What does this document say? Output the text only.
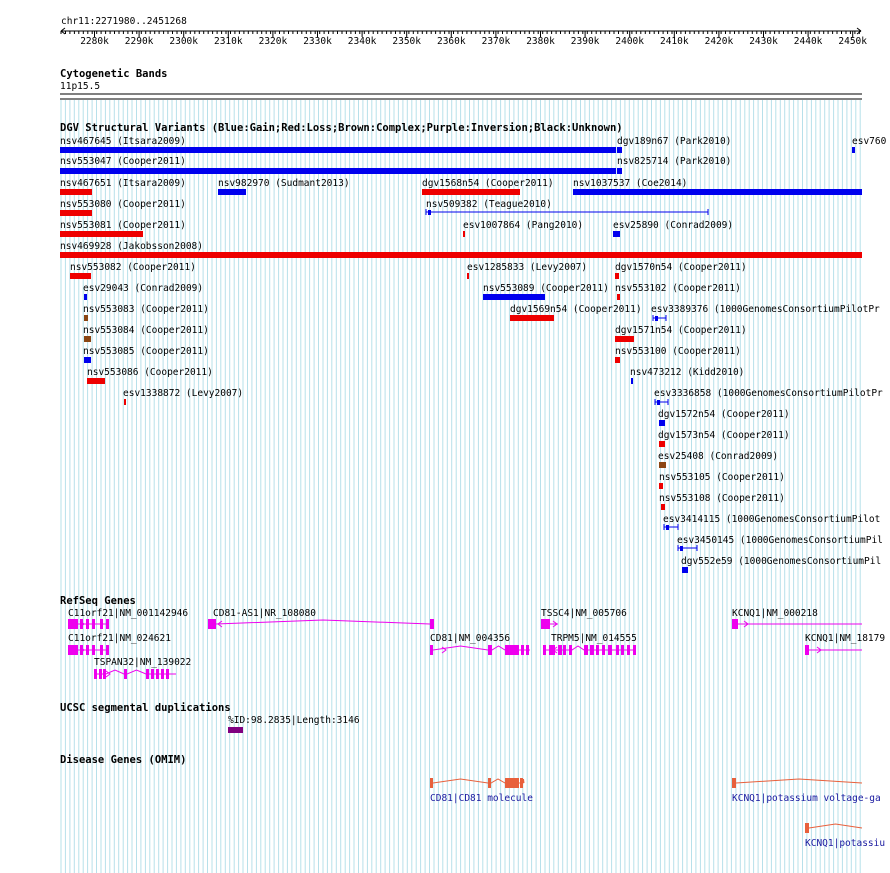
chr11:2271980..2451268
2280k 2290k 2300k 2310k 2320k 2330k 2340k 2350k 2360k 2370k 2380k 2390k 2400k 2410k 2420k 2430k 2440k 2450k
Cytogenetic Bands
11p15.5
DGV Structural Variants (Blue:Gain;Red:Loss;Brown:Complex;Purple:Inversion;Black:Unknown)
nsv467645 (Itsara2009)	dgv189n67 (Park2010)	esv760
nsv553047 (Cooper2011)	nsv825714 (Park2010)
nsv467651 (Itsara2009)	nsv982970 (Sudmant2013)	dgv1568n54 (Cooper2011) nsv1037537 (Coe2014)
nsv553080 (Cooper2011)	nsv509382 (Teague2010)
nsv553081 (Cooper2011)	esv1007864 (Pang2010)	esv25890 (Conrad2009)
nsv469928 (Jakobsson2008)
nsv553082 (Cooper2011)	esv1285833 (Levy2007)	dgv1570n54 (Cooper2011)
esv29043 (Conrad2009)	nsv553089 (Cooper2011) nsv553102 (Cooper2011)
nsv553083 (Cooper2011)	dgv1569n54 (Cooper2011) esv3389376 (1000GenomesConsortiumPilotPr
nsv553084 (Cooper2011)	dgv1571n54 (Cooper2011)
nsv553085 (Cooper2011)	nsv553100 (Cooper2011)
nsv553086 (Cooper2011)	nsv473212 (Kidd2010)
esv1338872 (Levy2007)	esv3336858 (1000GenomesConsortiumPilotPr
dgv1572n54 (Cooper2011)
dgv1573n54 (Cooper2011)
esv25408 (Conrad2009)
nsv553105 (Cooper2011)
nsv553108 (Cooper2011)
esv3414115 (1000GenomesConsortiumPilot
esv3450145 (1000GenomesConsortiumPil
dgv552e59 (1000GenomesConsortiumPil
RefSeq Genes
C11orf21|NM_001142946	CD81-AS1|NR_108080	TSSC4|NM_005706	KCNQ1|NM_000218
C11orf21|NM_024621	CD81|NM_004356	TRPM5|NM_014555	KCNQ1|NM_18179
TSPAN32|NM_139022
UCSC segmental duplications
%ID:98.2835|Length:3146
Disease Genes (OMIM)
CD81|CD81 molecule	KCNQ1|potassium voltage-ga
KCNQ1|potassiu
